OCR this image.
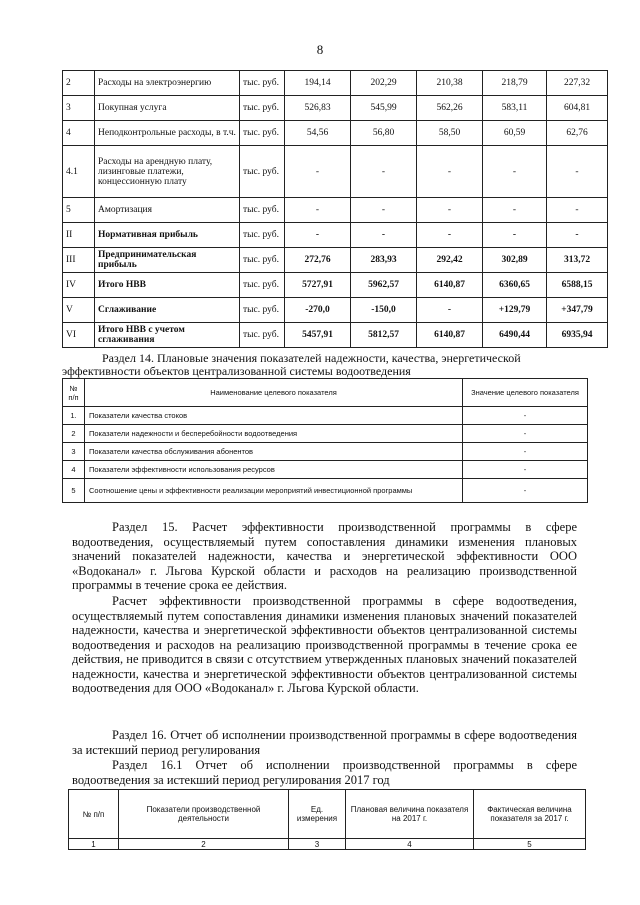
8
2	Расходы на электроэнергию	тыс. руб.	194,14	202,29	210,38	218,79	227,32
3	Покупная услуга	тыс. руб.	526,83	545,99	562,26	583,11	604,81
4	Неподконтрольные расходы, в т.ч.	тыс. руб.	54,56	56,80	58,50	60,59	62,76
4.1	Расходы на арендную плату, лизинговые платежи, концессионную плату	тыс. руб.	-	-	-	-	-
5	Амортизация	тыс. руб.	-	-	-	-	-
II	Нормативная прибыль	тыс. руб.	-	-	-	-	-
III	Предпринимательская прибыль	тыс. руб.	272,76	283,93	292,42	302,89	313,72
IV	Итого НВВ	тыс. руб.	5727,91	5962,57	6140,87	6360,65	6588,15
V	Сглаживание	тыс. руб.	-270,0	-150,0	-	+129,79	+347,79
VI	Итого НВВ с учетом сглаживания	тыс. руб.	5457,91	5812,57	6140,87	6490,44	6935,94
Раздел 14. Плановые значения показателей надежности, качества, энергетической
эффективности объектов централизованной системы водоотведения
№ п/п	Наименование целевого показателя	Значение целевого показателя
1.	Показатели качества стоков	-
2	Показатели надежности и бесперебойности водоотведения	-
3	Показатели качества обслуживания абонентов	-
4	Показатели эффективности использования ресурсов	-
5	Соотношение цены и эффективности реализации мероприятий инвестиционной программы	-
Раздел 15. Расчет эффективности производственной программы в сфере водоотведения, осуществляемый путем сопоставления динамики изменения плановых значений показателей надежности, качества и энергетической эффективности ООО «Водоканал» г. Льгова Курской области и расходов на реализацию производственной программы в течение срока ее действия.
Расчет эффективности производственной программы в сфере водоотведения, осуществляемый путем сопоставления динамики изменения плановых значений показателей надежности, качества и энергетической эффективности объектов централизованной системы водоотведения и расходов на реализацию производственной программы в течение срока ее действия, не приводится в связи с отсутствием утвержденных плановых значений показателей надежности, качества и энергетической эффективности объектов централизованной системы водоотведения для ООО «Водоканал» г. Льгова Курской области.
Раздел 16. Отчет об исполнении производственной программы в сфере водоотведения за истекший период регулирования
Раздел 16.1 Отчет об исполнении производственной программы в сфере водоотведения за истекший период регулирования 2017 год
№ п/п	Показатели производственной деятельности	Ед. измерения	Плановая величина показателя на 2017 г.	Фактическая величина показателя за 2017 г.
1	2	3	4	5
